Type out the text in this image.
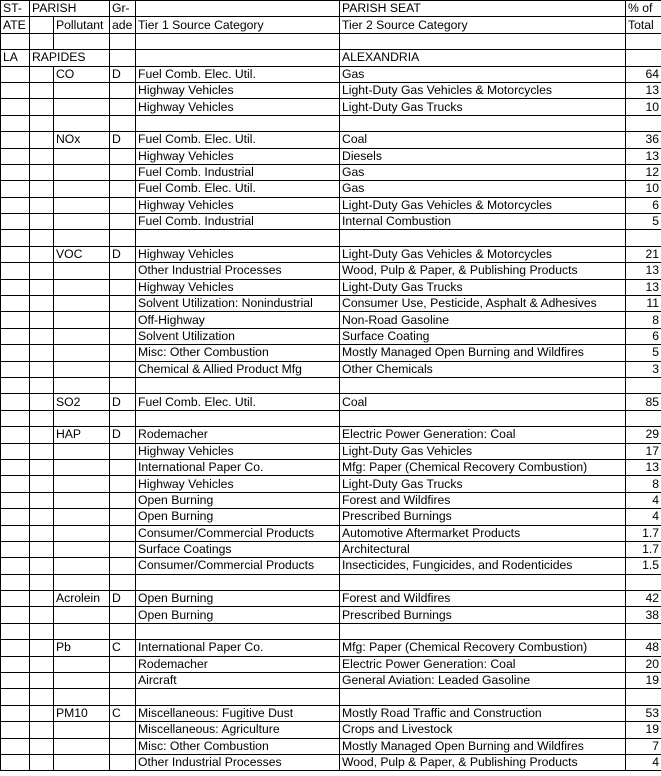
ST-	PARISH		Gr-		PARISH SEAT	% of
ATE		Pollutant	ade	Tier 1 Source Category	Tier 2 Source Category	Total

LA	RAPIDES				ALEXANDRIA	
		CO	D	Fuel Comb. Elec. Util.	Gas	64
				Highway Vehicles	Light-Duty Gas Vehicles & Motorcycles	13
				Highway Vehicles	Light-Duty Gas Trucks	10

		NOx	D	Fuel Comb. Elec. Util.	Coal	36
				Highway Vehicles	Diesels	13
				Fuel Comb. Industrial	Gas	12
				Fuel Comb. Elec. Util.	Gas	10
				Highway Vehicles	Light-Duty Gas Vehicles & Motorcycles	6
				Fuel Comb. Industrial	Internal Combustion	5

		VOC	D	Highway Vehicles	Light-Duty Gas Vehicles & Motorcycles	21
				Other Industrial Processes	Wood, Pulp & Paper, & Publishing Products	13
				Highway Vehicles	Light-Duty Gas Trucks	13
				Solvent Utilization: Nonindustrial	Consumer Use, Pesticide, Asphalt & Adhesives	11
				Off-Highway	Non-Road Gasoline	8
				Solvent Utilization	Surface Coating	6
				Misc: Other Combustion	Mostly Managed Open Burning and Wildfires	5
				Chemical & Allied Product Mfg	Other Chemicals	3

		SO2	D	Fuel Comb. Elec. Util.	Coal	85

		HAP	D	Rodemacher	Electric Power Generation: Coal	29
				Highway Vehicles	Light-Duty Gas Vehicles	17
				International Paper Co.	Mfg: Paper (Chemical Recovery Combustion)	13
				Highway Vehicles	Light-Duty Gas Trucks	8
				Open Burning	Forest and Wildfires	4
				Open Burning	Prescribed Burnings	4
				Consumer/Commercial Products	Automotive Aftermarket Products	1.7
				Surface Coatings	Architectural	1.7
				Consumer/Commercial Products	Insecticides, Fungicides, and Rodenticides	1.5

		Acrolein	D	Open Burning	Forest and Wildfires	42
				Open Burning	Prescribed Burnings	38

		Pb	C	International Paper Co.	Mfg: Paper (Chemical Recovery Combustion)	48
				Rodemacher	Electric Power Generation: Coal	20
				Aircraft	General Aviation: Leaded Gasoline	19

		PM10	C	Miscellaneous: Fugitive Dust	Mostly Road Traffic and Construction	53
				Miscellaneous: Agriculture	Crops and Livestock	19
				Misc: Other Combustion	Mostly Managed Open Burning and Wildfires	7
				Other Industrial Processes	Wood, Pulp & Paper, & Publishing Products	4
